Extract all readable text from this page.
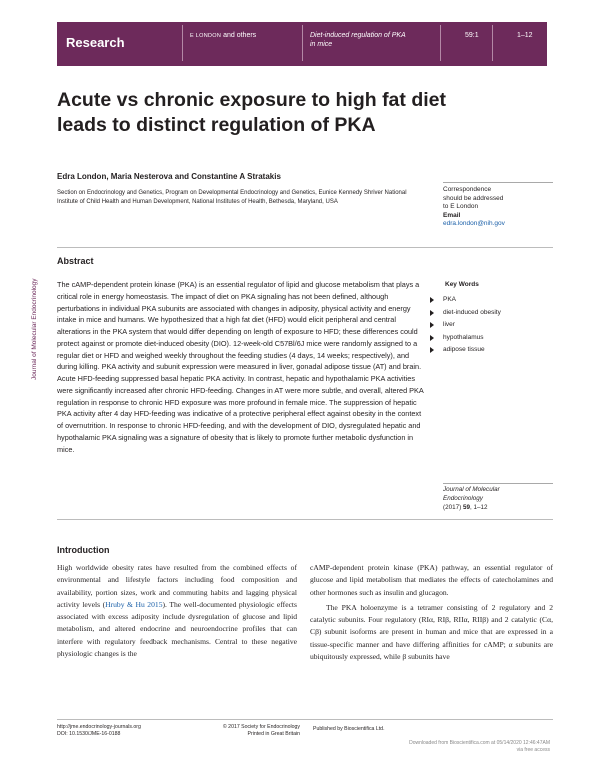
Research	E LONDON and others	Diet-induced regulation of PKA
in mice
59:1	1–12
Acute vs chronic exposure to high fat diet leads to distinct regulation of PKA
Edra London, Maria Nesterova and Constantine A Stratakis
Section on Endocrinology and Genetics, Program on Developmental Endocrinology and Genetics, Eunice Kennedy Shriver National Institute of Child Health and Human Development, National Institutes of Health, Bethesda, Maryland, USA
Correspondence
should be addressed
to E London
Email
edra.london@nih.gov
Abstract
The cAMP-dependent protein kinase (PKA) is an essential regulator of lipid and glucose metabolism that plays a critical role in energy homeostasis. The impact of diet on PKA signaling has not been defined, although perturbations in individual PKA subunits are associated with changes in adiposity, physical activity and energy intake in mice and humans. We hypothesized that a high fat diet (HFD) would elicit peripheral and central alterations in the PKA system that would differ depending on length of exposure to HFD; these differences could protect against or promote diet-induced obesity (DIO). 12-week-old C57Bl/6J mice were randomly assigned to a regular diet or HFD and weighed weekly throughout the feeding studies (4 days, 14 weeks; respectively), and during killing. PKA activity and subunit expression were measured in liver, gonadal adipose tissue (AT) and brain. Acute HFD-feeding suppressed basal hepatic PKA activity. In contrast, hepatic and hypothalamic PKA activities were significantly increased after chronic HFD-feeding. Changes in AT were more subtle, and overall, altered PKA regulation in response to chronic HFD exposure was more profound in female mice. The suppression of hepatic PKA activity after 4 day HFD-feeding was indicative of a protective peripheral effect against obesity in the context of overnutrition. In response to chronic HFD-feeding, and with the development of DIO, dysregulated hepatic and hypothalamic PKA signaling was a signature of obesity that is likely to promote further metabolic dysfunction in mice.
Key Words
PKA
diet-induced obesity
liver
hypothalamus
adipose tissue
Journal of Molecular
Endocrinology
(2017) 59, 1–12
Journal of Molecular Endocrinology
Introduction

High worldwide obesity rates have resulted from the combined effects of environmental and lifestyle factors including food composition and availability, portion sizes, work and commuting habits and lagging physical activity levels (Hruby & Hu 2015). The well-documented physiologic effects associated with excess adiposity include dysregulation of glucose and lipid metabolism, and altered endocrine and neuroendocrine profiles that can interfere with regulatory feedback mechanisms. Central to these negative physiologic changes is the

cAMP-dependent protein kinase (PKA) pathway, an essential regulator of glucose and lipid metabolism that mediates the effects of catecholamines and other hormones such as insulin and glucagon.

The PKA holoenzyme is a tetramer consisting of 2 regulatory and 2 catalytic subunits. Four regulatory (RIα, RIβ, RIIα, RIIβ) and 2 catalytic (Cα, Cβ) subunit isoforms are present in human and mice that are expressed in a tissue-specific manner and have differing affinities for cAMP; α subunits are ubiquitously expressed, while β subunits have

http://jme.endocrinology-journals.org
DOI: 10.1530/JME-16-0188
© 2017 Society for Endocrinology
Printed in Great Britain
Published by Bioscientifica Ltd.
Downloaded from Bioscientifica.com at 05/14/2020 12:46:47AM
via free access
